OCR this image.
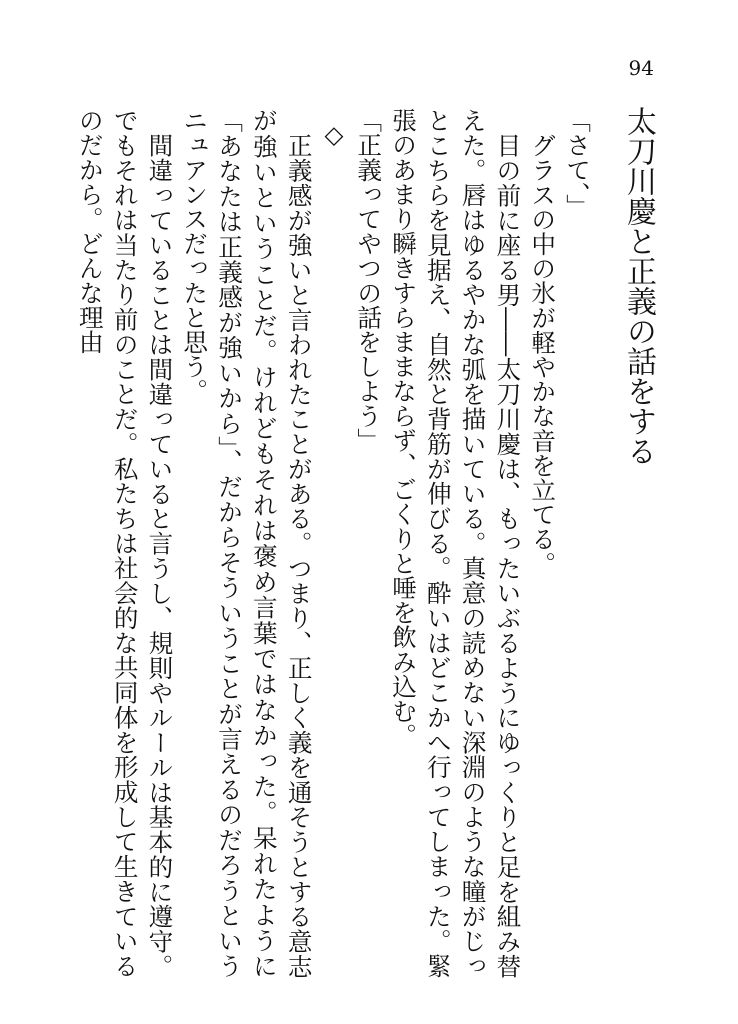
94
太刀川慶と正義の話をする

「さて、」

グラスの中の氷が軽やかな音を立てる。

目の前に座る男――太刀川慶は、もったいぶるようにゆっくりと足を組み替えた。唇はゆるやかな弧を描いている。真意の読めない深淵のような瞳がじっとこちらを見据え、自然と背筋が伸びる。酔いはどこかへ行ってしまった。緊張のあまり瞬きすらままならず、ごくりと唾を飲み込む。

「正義ってやつの話をしよう」

◇

正義感が強いと言われたことがある。つまり、正しく義を通そうとする意志が強いということだ。けれどもそれは褒め言葉ではなかった。呆れたように「あなたは正義感が強いから」、だからそういうことが言えるのだろうというニュアンスだったと思う。

間違っていることは間違っていると言うし、規則やルールは基本的に遵守。でもそれは当たり前のことだ。私たちは社会的な共同体を形成して生きているのだから。どんな理由
